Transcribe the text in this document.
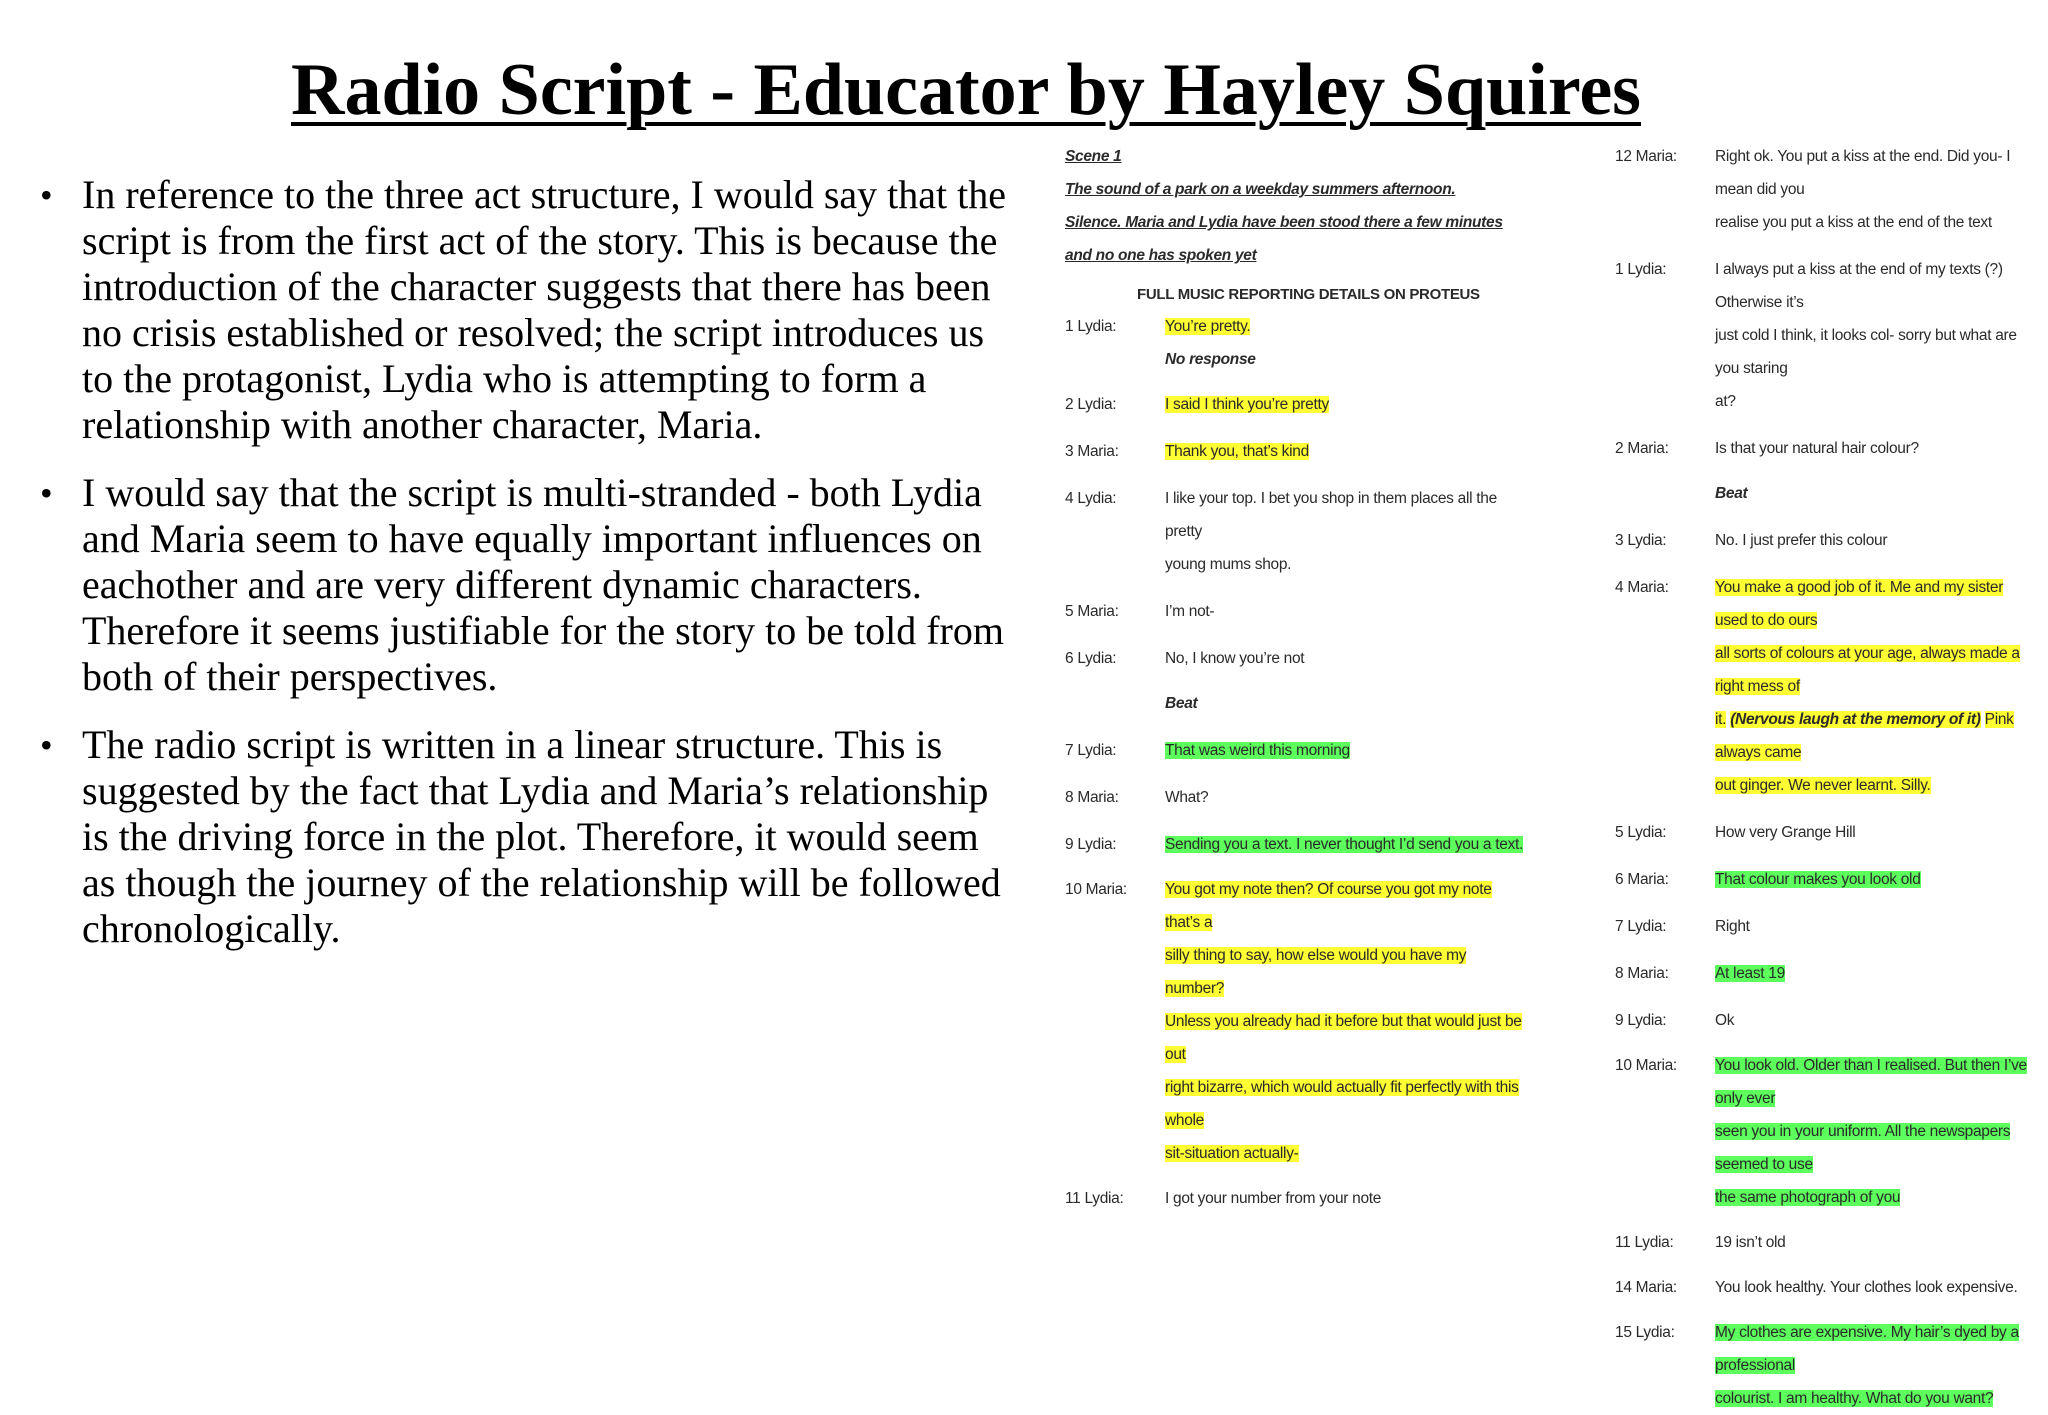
Radio Script - Educator by Hayley Squires
• In reference to the three act structure, I would say that the script is from the first act of the story. This is because the introduction of the character suggests that there has been no crisis established or resolved; the script introduces us to the protagonist, Lydia who is attempting to form a relationship with another character, Maria.
• I would say that the script is multi-stranded - both Lydia and Maria seem to have equally important influences on eachother and are very different dynamic characters. Therefore it seems justifiable for the story to be told from both of their perspectives.
• The radio script is written in a linear structure. This is suggested by the fact that Lydia and Maria’s relationship is the driving force in the plot. Therefore, it would seem as though the journey of the relationship will be followed chronologically.
Scene 1
The sound of a park on a weekday summers afternoon. Silence. Maria and Lydia have been stood there a few minutes and no one has spoken yet
FULL MUSIC REPORTING DETAILS ON PROTEUS
1 Lydia:	You’re pretty.
No response
2 Lydia:	I said I think you’re pretty
3 Maria:	Thank you, that’s kind
4 Lydia:	I like your top. I bet you shop in them places all the pretty
young mums shop.
5 Maria:	I’m not-
6 Lydia:	No, I know you’re not
Beat
7 Lydia:	That was weird this morning
8 Maria:	What?
9 Lydia:	Sending you a text. I never thought I’d send you a text.
10 Maria:	You got my note then? Of course you got my note that’s a
silly thing to say, how else would you have my number?
Unless you already had it before but that would just be out
right bizarre, which would actually fit perfectly with this whole
sit-situation actually-
11 Lydia:	I got your number from your note
12 Maria:	Right ok. You put a kiss at the end. Did you- I mean did you
realise you put a kiss at the end of the text
1 Lydia:	I always put a kiss at the end of my texts (?) Otherwise it’s
just cold I think, it looks col- sorry but what are you staring
at?
2 Maria:	Is that your natural hair colour?
Beat
3 Lydia:	No. I just prefer this colour
4 Maria:	You make a good job of it. Me and my sister used to do ours
all sorts of colours at your age, always made a right mess of
it. (Nervous laugh at the memory of it) Pink always came
out ginger. We never learnt. Silly.
5 Lydia:	How very Grange Hill
6 Maria:	That colour makes you look old
7 Lydia:	Right
8 Maria:	At least 19
9 Lydia:	Ok
10 Maria:	You look old. Older than I realised. But then I’ve only ever
seen you in your uniform. All the newspapers seemed to use
the same photograph of you
11 Lydia:	19 isn’t old
14 Maria:	You look healthy. Your clothes look expensive.
15 Lydia:	My clothes are expensive. My hair’s dyed by a professional
colourist. I am healthy. What do you want?
